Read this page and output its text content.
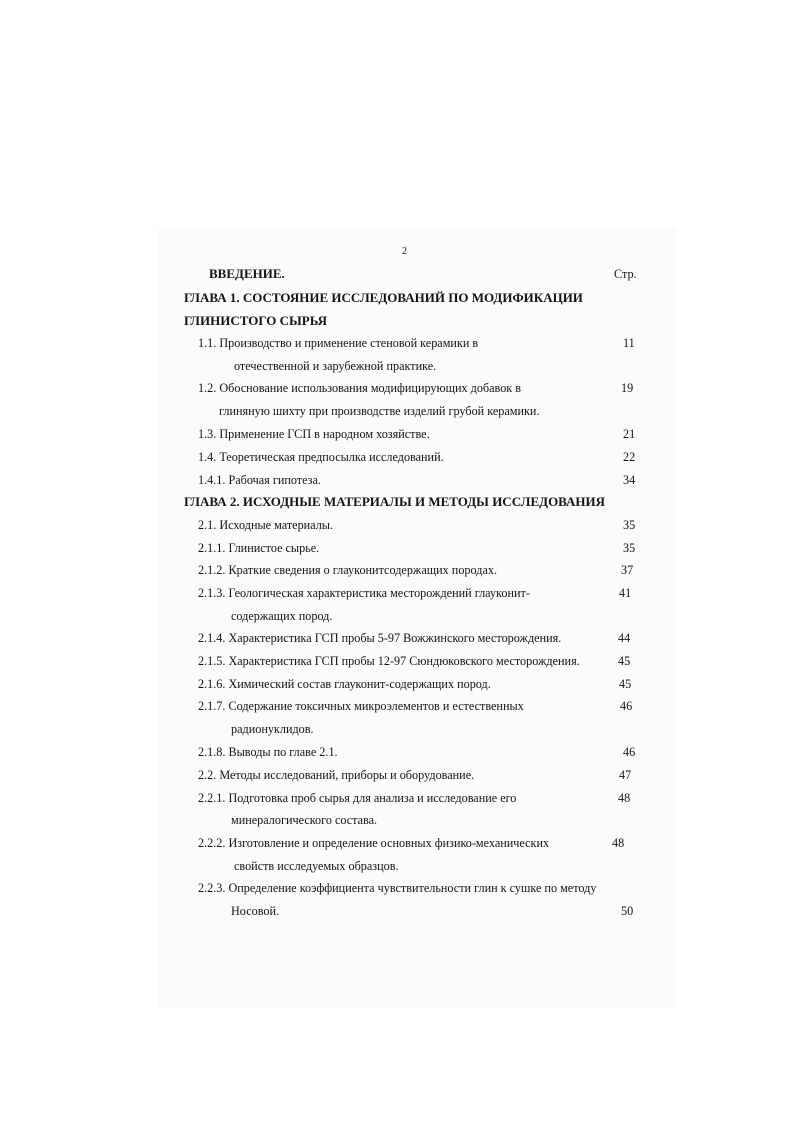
2
ВВЕДЕНИЕ.	Стр.
ГЛАВА 1. СОСТОЯНИЕ ИССЛЕДОВАНИЙ ПО МОДИФИКАЦИИ
ГЛИНИСТОГО СЫРЬЯ
1.1. Производство и применение стеновой керамики в	11
отечественной и зарубежной практике.
1.2. Обоснование использования модифицирующих добавок в	19
глиняную шихту при производстве изделий грубой керамики.
1.3. Применение ГСП в народном хозяйстве.	21
1.4. Теоретическая предпосылка исследований.	22
1.4.1. Рабочая гипотеза.	34
ГЛАВА 2. ИСХОДНЫЕ МАТЕРИАЛЫ И МЕТОДЫ ИССЛЕДОВАНИЯ
2.1. Исходные материалы.	35
2.1.1. Глинистое сырье.	35
2.1.2. Краткие сведения о глауконитсодержащих породах.	37
2.1.3. Геологическая характеристика месторождений глауконит-	41
содержащих пород.
2.1.4. Характеристика ГСП пробы 5-97 Вожжинского месторождения.	44
2.1.5. Характеристика ГСП пробы 12-97 Сюндюковского месторождения.	45
2.1.6. Химический состав глауконит-содержащих пород.	45
2.1.7. Содержание токсичных микроэлементов и естественных	46
радионуклидов.
2.1.8. Выводы по главе 2.1.	46
2.2. Методы исследований, приборы и оборудование.	47
2.2.1. Подготовка проб сырья для анализа и исследование его	48
минералогического состава.
2.2.2. Изготовление и определение основных физико-механических	48
свойств исследуемых образцов.
2.2.3. Определение коэффициента чувствительности глин к сушке по методу
Носовой.	50
